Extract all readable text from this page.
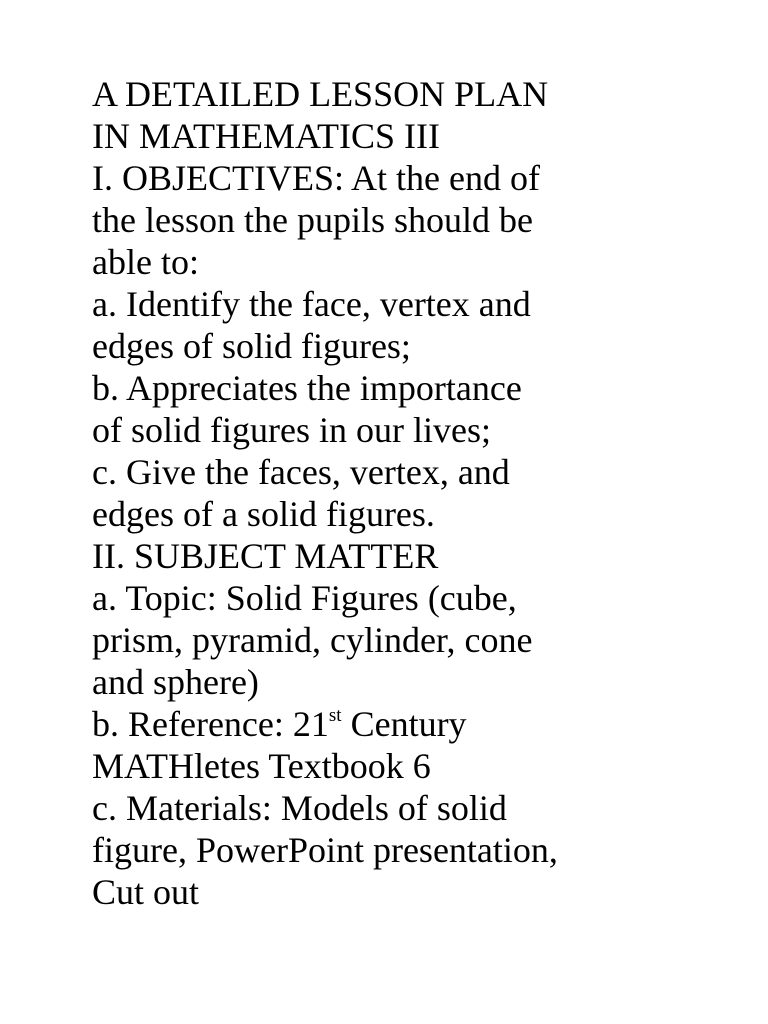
A DETAILED LESSON PLAN
IN MATHEMATICS III
I. OBJECTIVES: At the end of
the lesson the pupils should be
able to:
a. Identify the face, vertex and
edges of solid figures;
b. Appreciates the importance
of solid figures in our lives;
c. Give the faces, vertex, and
edges of a solid figures.
II. SUBJECT MATTER
a. Topic: Solid Figures (cube,
prism, pyramid, cylinder, cone
and sphere)
b. Reference: 21st Century
MATHletes Textbook 6
c. Materials: Models of solid
figure, PowerPoint presentation,
Cut out
